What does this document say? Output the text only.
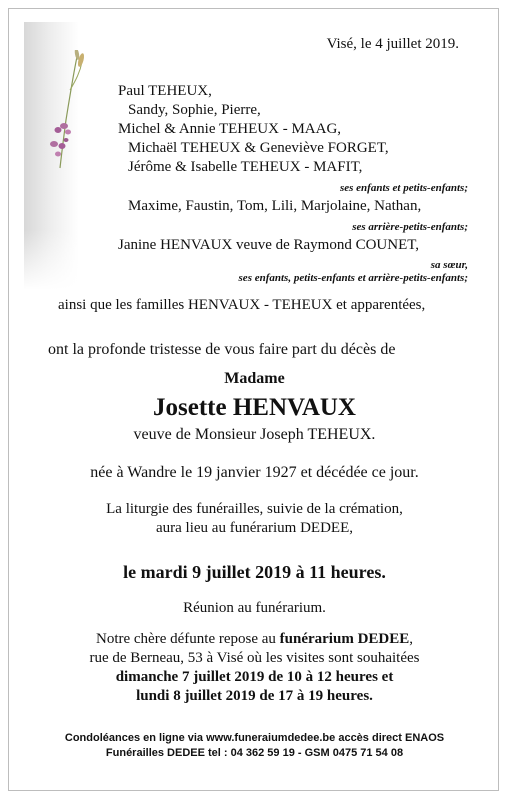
Visé, le 4 juillet 2019.
Paul TEHEUX,
Sandy, Sophie, Pierre,
Michel & Annie TEHEUX - MAAG,
Michaël TEHEUX & Geneviève FORGET,
Jérôme & Isabelle TEHEUX - MAFIT,
ses enfants et petits-enfants;
Maxime, Faustin, Tom, Lili, Marjolaine, Nathan,
ses arrière-petits-enfants;
Janine HENVAUX veuve de Raymond COUNET,
sa sœur,
ses enfants, petits-enfants et arrière-petits-enfants;
ainsi que les familles HENVAUX - TEHEUX et apparentées,
ont la profonde tristesse de vous faire part du décès de
Madame
Josette HENVAUX
veuve de Monsieur Joseph TEHEUX.
née à Wandre le 19 janvier 1927 et décédée ce jour.
La liturgie des funérailles, suivie de la crémation,
aura lieu au funérarium DEDEE,
le mardi 9 juillet 2019 à 11 heures.
Réunion au funérarium.
Notre chère défunte repose au funérarium DEDEE,
rue de Berneau, 53 à Visé où les visites sont souhaitées
dimanche 7 juillet 2019 de 10 à 12 heures et
lundi 8 juillet 2019 de 17 à 19 heures.
Condoléances en ligne via www.funeraiumdedee.be accès direct ENAOS
Funérailles DEDEE tel : 04 362 59 19 - GSM 0475 71 54 08
